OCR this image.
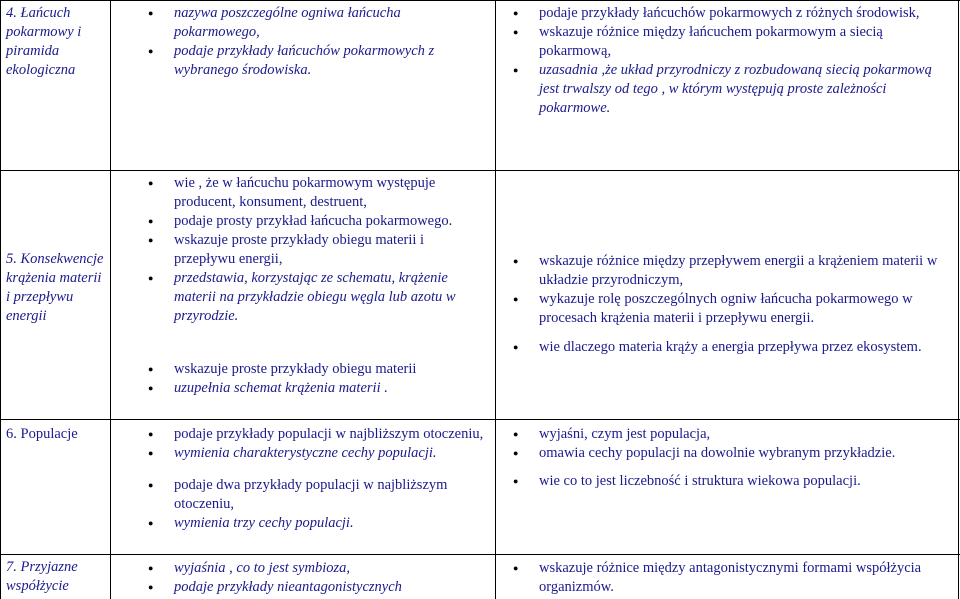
4. Łańcuch pokarmowy i piramida ekologiczna
● nazywa poszczególne ogniwa łańcucha pokarmowego,
● podaje przykłady łańcuchów pokarmowych z wybranego środowiska.
● podaje przykłady łańcuchów pokarmowych z różnych środowisk,
● wskazuje różnice między łańcuchem pokarmowym a siecią pokarmową,
● uzasadnia ,że układ przyrodniczy z rozbudowaną siecią pokarmową jest trwalszy od tego , w którym występują proste zależności pokarmowe.
5. Konsekwencje krążenia materii i przepływu energii
● wie , że w łańcuchu pokarmowym występuje producent, konsument, destruent,
● podaje prosty przykład łańcucha pokarmowego.
● wskazuje proste przykłady obiegu materii i przepływu energii,
● przedstawia, korzystając ze schematu, krążenie materii na przykładzie obiegu węgla lub azotu w przyrodzie.
● wskazuje proste przykłady obiegu materii
● uzupełnia schemat krążenia materii .
● wskazuje różnice między przepływem energii a krążeniem materii w układzie przyrodniczym,
● wykazuje rolę poszczególnych ogniw łańcucha pokarmowego w procesach krążenia materii i przepływu energii.
● wie dlaczego materia krąży a energia przepływa przez ekosystem.
6. Populacje
●	podaje przykłady populacji w najbliższym otoczeniu,
● wymienia charakterystyczne cechy populacji.
● podaje dwa przykłady populacji w najbliższym otoczeniu,
● wymienia trzy cechy populacji.
● wyjaśni, czym jest populacja,
● omawia cechy populacji na dowolnie wybranym przykładzie.
● wie co to jest liczebność i struktura wiekowa populacji.
7. Przyjazne współżycie
● wyjaśnia , co to jest symbioza,
● podaje przykłady nieantagonistycznych
● wskazuje różnice między antagonistycznymi formami współżycia organizmów.
